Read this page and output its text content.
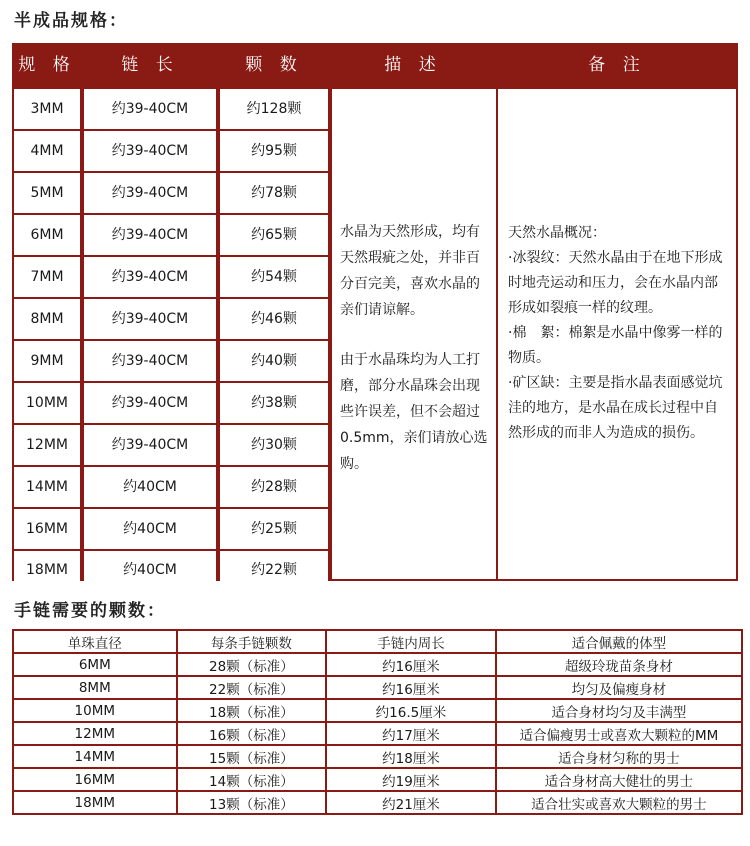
半成品规格：
规 格	链 长	颗 数	描 述	备 注

水晶为天然形成，均有天然瑕疵之处，并非百分百完美，喜欢水晶的亲们请谅解。

由于水晶珠均为人工打磨，部分水晶珠会出现些许误差，但不会超过0.5mm，亲们请放心选购。

天然水晶概况：

·冰裂纹：天然水晶由于在地下形成时地壳运动和压力，会在水晶内部形成如裂痕一样的纹理。

·棉　絮：棉絮是水晶中像雾一样的物质。

·矿区缺：主要是指水晶表面感觉坑洼的地方，是水晶在成长过程中自然形成的而非人为造成的损伤。

3MM	约39-40CM	约128颗
4MM	约39-40CM	约95颗
5MM	约39-40CM	约78颗
6MM	约39-40CM	约65颗
7MM	约39-40CM	约54颗
8MM	约39-40CM	约46颗
9MM	约39-40CM	约40颗
10MM	约39-40CM	约38颗
12MM	约39-40CM	约30颗
14MM	约40CM	约28颗
16MM	约40CM	约25颗
18MM	约40CM	约22颗
手链需要的颗数：
单珠直径	每条手链颗数	手链内周长	适合佩戴的体型
6MM	28颗（标准）	约16厘米	超级玲珑苗条身材
8MM	22颗（标准）	约16厘米	均匀及偏瘦身材
10MM	18颗（标准）	约16.5厘米	适合身材均匀及丰满型
12MM	16颗（标准）	约17厘米	适合偏瘦男士或喜欢大颗粒的MM
14MM	15颗（标准）	约18厘米	适合身材匀称的男士
16MM	14颗（标准）	约19厘米	适合身材高大健壮的男士
18MM	13颗（标准）	约21厘米	适合壮实或喜欢大颗粒的男士
